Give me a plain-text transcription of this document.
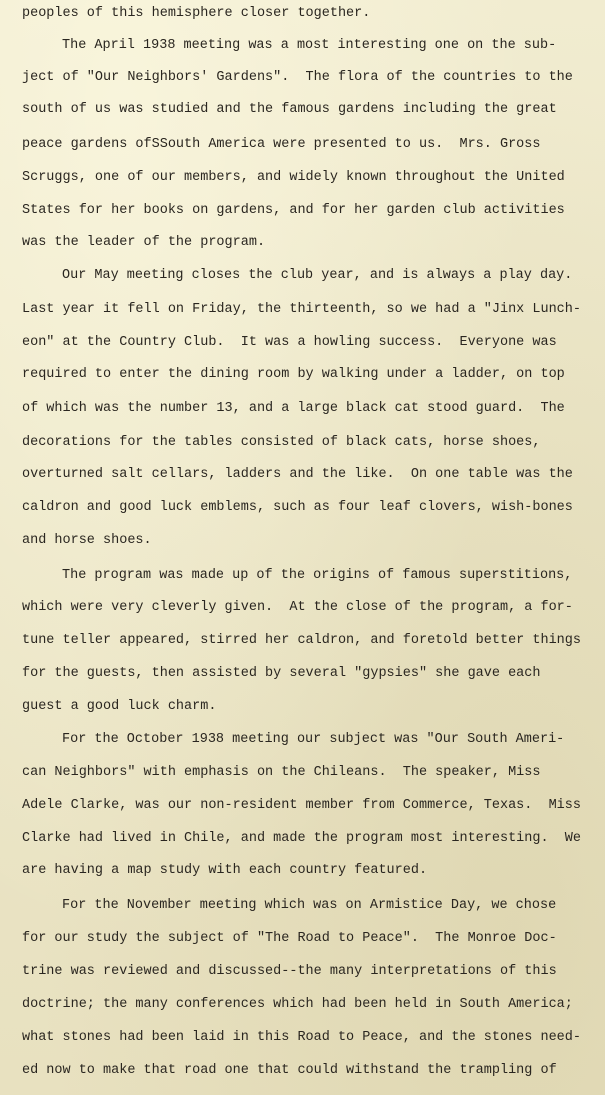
peoples of this hemisphere closer together.

The April 1938 meeting was a most interesting one on the sub-

ject of "Our Neighbors' Gardens".  The flora of the countries to the

south of us was studied and the famous gardens including the great

peace gardens ofSSouth America were presented to us.  Mrs. Gross

Scruggs, one of our members, and widely known throughout the United

States for her books on gardens, and for her garden club activities

was the leader of the program.

Our May meeting closes the club year, and is always a play day.

Last year it fell on Friday, the thirteenth, so we had a "Jinx Lunch-

eon" at the Country Club.  It was a howling success.  Everyone was

required to enter the dining room by walking under a ladder, on top

of which was the number 13, and a large black cat stood guard.  The

decorations for the tables consisted of black cats, horse shoes,

overturned salt cellars, ladders and the like.  On one table was the

caldron and good luck emblems, such as four leaf clovers, wish-bones

and horse shoes.

The program was made up of the origins of famous superstitions,

which were very cleverly given.  At the close of the program, a for-

tune teller appeared, stirred her caldron, and foretold better things

for the guests, then assisted by several "gypsies" she gave each

guest a good luck charm.

For the October 1938 meeting our subject was "Our South Ameri-

can Neighbors" with emphasis on the Chileans.  The speaker, Miss

Adele Clarke, was our non-resident member from Commerce, Texas.  Miss

Clarke had lived in Chile, and made the program most interesting.  We

are having a map study with each country featured.

For the November meeting which was on Armistice Day, we chose

for our study the subject of "The Road to Peace".  The Monroe Doc-

trine was reviewed and discussed--the many interpretations of this

doctrine; the many conferences which had been held in South America;

what stones had been laid in this Road to Peace, and the stones need-

ed now to make that road one that could withstand the trampling of
